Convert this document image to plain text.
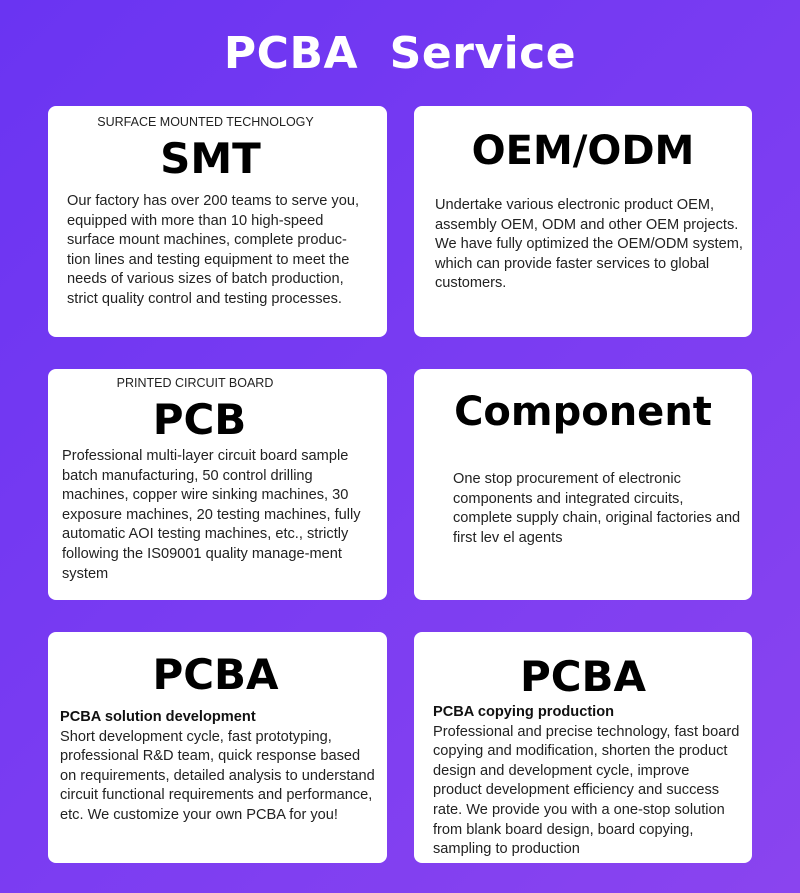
PCBA  Service
SURFACE MOUNTED TECHNOLOGY
SMT

Our factory has over 200 teams to serve you, equipped with more than 10 high-speed surface mount machines, complete produc-tion lines and testing equipment to meet the needs of various sizes of batch production, strict quality control and testing processes.

OEM/ODM

Undertake various electronic product OEM, assembly OEM, ODM and other OEM projects.

We have fully optimized the OEM/ODM system, which can provide faster services to global customers.

PRINTED CIRCUIT BOARD
PCB

Professional multi-layer circuit board sample batch manufacturing, 50 control drilling machines, copper wire sinking machines, 30 exposure machines, 20 testing machines, fully automatic AOI testing machines, etc., strictly following the IS09001 quality manage-ment system

Component

One stop procurement of electronic components and integrated circuits, complete supply chain, original factories and first lev el agents

PCBA

PCBA solution development

Short development cycle, fast prototyping, professional R&D team, quick response based on requirements, detailed analysis to understand circuit functional requirements and performance, etc. We customize your own PCBA for you!

PCBA

PCBA copying production

Professional and precise technology, fast board copying and modification, shorten the product design and development cycle, improve product development efficiency and success rate. We provide you with a one-stop solution from blank board design, board copying, sampling to production
